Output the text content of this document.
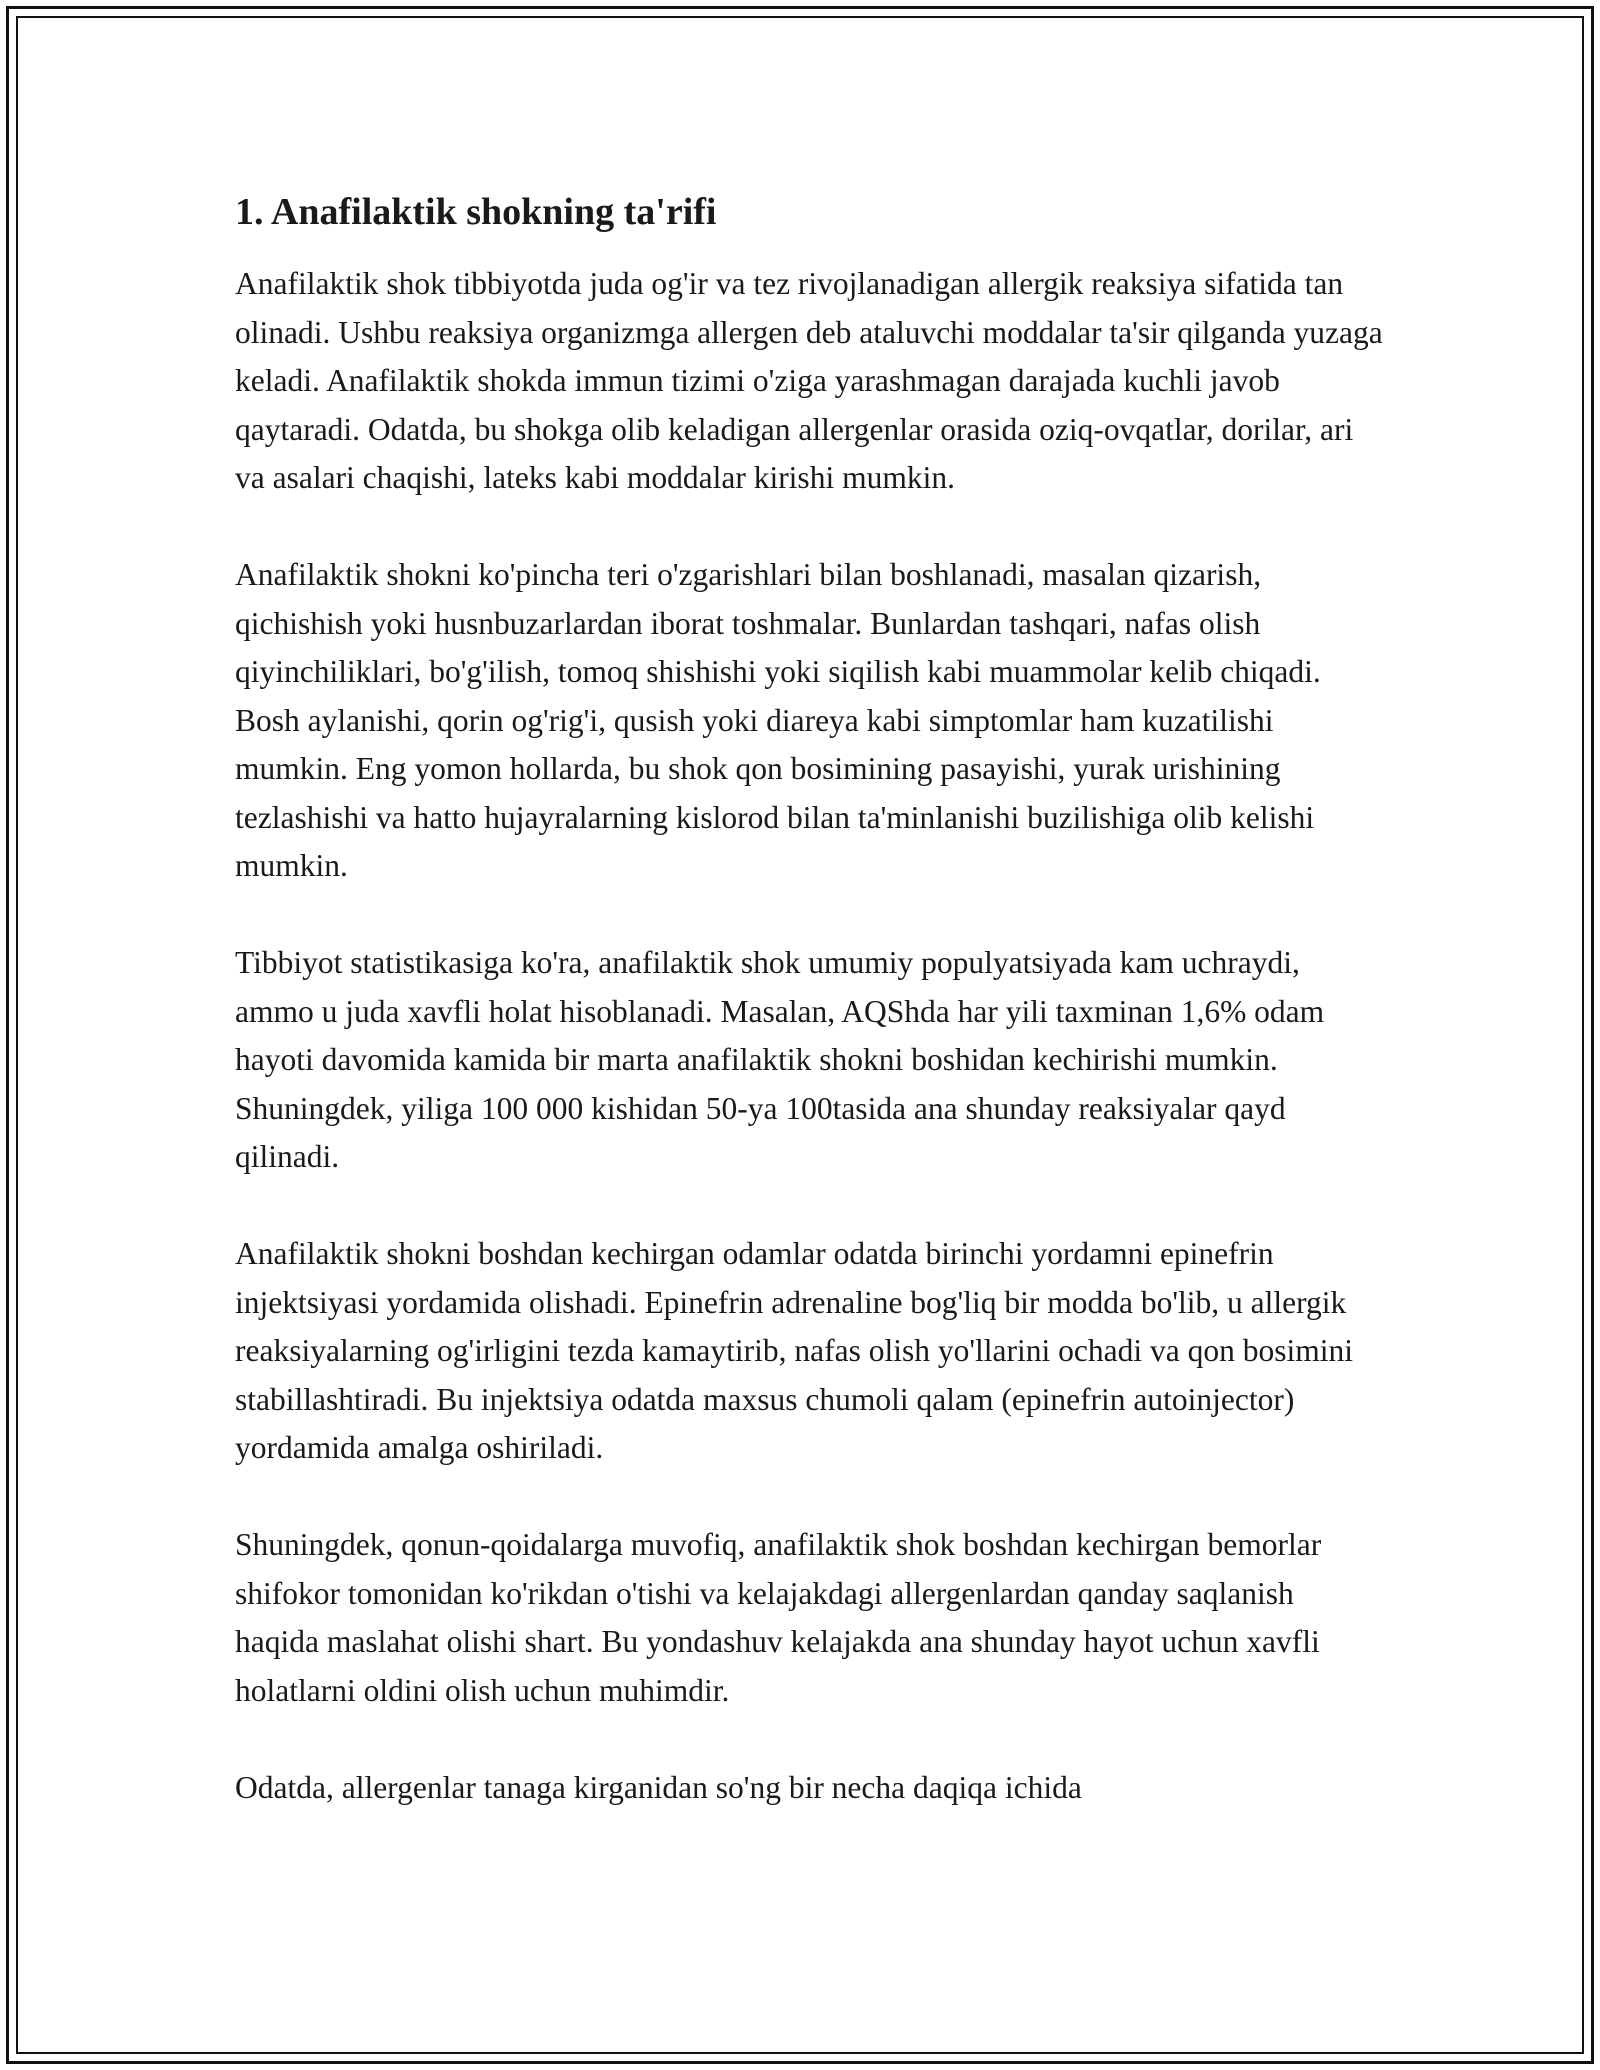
1. Anafilaktik shokning ta'rifi

Anafilaktik shok tibbiyotda juda og'ir va tez rivojlanadigan allergik reaksiya sifatida tan olinadi. Ushbu reaksiya organizmga allergen deb ataluvchi moddalar ta'sir qilganda yuzaga keladi. Anafilaktik shokda immun tizimi o'ziga yarashmagan darajada kuchli javob qaytaradi. Odatda, bu shokga olib keladigan allergenlar orasida oziq-ovqatlar, dorilar, ari va asalari chaqishi, lateks kabi moddalar kirishi mumkin.

Anafilaktik shokni ko'pincha teri o'zgarishlari bilan boshlanadi, masalan qizarish, qichishish yoki husnbuzarlardan iborat toshmalar. Bunlardan tashqari, nafas olish qiyinchiliklari, bo'g'ilish, tomoq shishishi yoki siqilish kabi muammolar kelib chiqadi. Bosh aylanishi, qorin og'rig'i, qusish yoki diareya kabi simptomlar ham kuzatilishi mumkin. Eng yomon hollarda, bu shok qon bosimining pasayishi, yurak urishining tezlashishi va hatto hujayralarning kislorod bilan ta'minlanishi buzilishiga olib kelishi mumkin.

Tibbiyot statistikasiga ko'ra, anafilaktik shok umumiy populyatsiyada kam uchraydi, ammo u juda xavfli holat hisoblanadi. Masalan, AQShda har yili taxminan 1,6% odam hayoti davomida kamida bir marta anafilaktik shokni boshidan kechirishi mumkin. Shuningdek, yiliga 100 000 kishidan 50-ya 100tasida ana shunday reaksiyalar qayd qilinadi.

Anafilaktik shokni boshdan kechirgan odamlar odatda birinchi yordamni epinefrin injektsiyasi yordamida olishadi. Epinefrin adrenaline bog'liq bir modda bo'lib, u allergik reaksiyalarning og'irligini tezda kamaytirib, nafas olish yo'llarini ochadi va qon bosimini stabillashtiradi. Bu injektsiya odatda maxsus chumoli qalam (epinefrin autoinjector) yordamida amalga oshiriladi.

Shuningdek, qonun-qoidalarga muvofiq, anafilaktik shok boshdan kechirgan bemorlar shifokor tomonidan ko'rikdan o'tishi va kelajakdagi allergenlardan qanday saqlanish haqida maslahat olishi shart. Bu yondashuv kelajakda ana shunday hayot uchun xavfli holatlarni oldini olish uchun muhimdir.

Odatda, allergenlar tanaga kirganidan so'ng bir necha daqiqa ichida
